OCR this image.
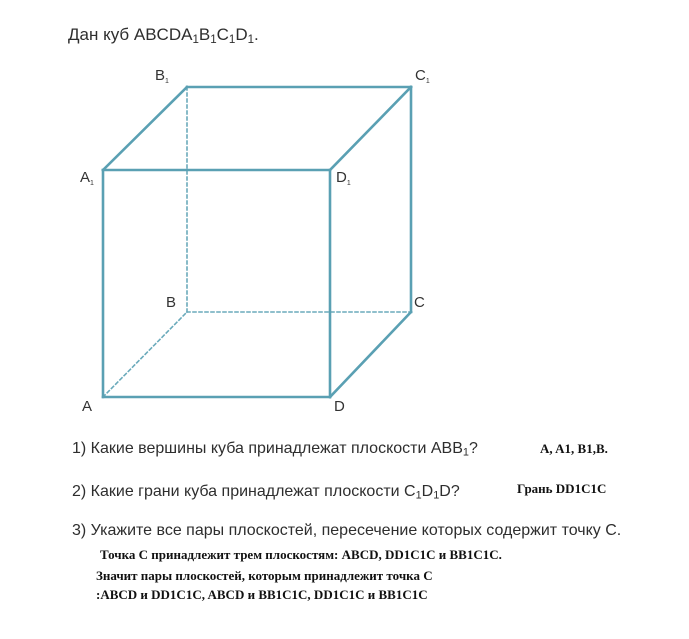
Дан куб $ABCDA_1B_1C_1D_1$.
$B_1$	$C_1$
$A_1$	$D_1$
B	C
A	D
1) Какие вершины куба принадлежат плоскости $ABB_1$?	A, A1, B1,B.
2) Какие грани куба принадлежат плоскости $C_1D_1D$?	Грань DD1C1C
3) Укажите все пары плоскостей, пересечение которых содержит точку С.
Точка С принадлежит трем плоскостям: ABCD, DD1C1C и BB1C1C.
Значит пары плоскостей, которым принадлежит точка С
:ABCD и DD1C1C, ABCD и BB1C1C, DD1C1C и BB1C1C
